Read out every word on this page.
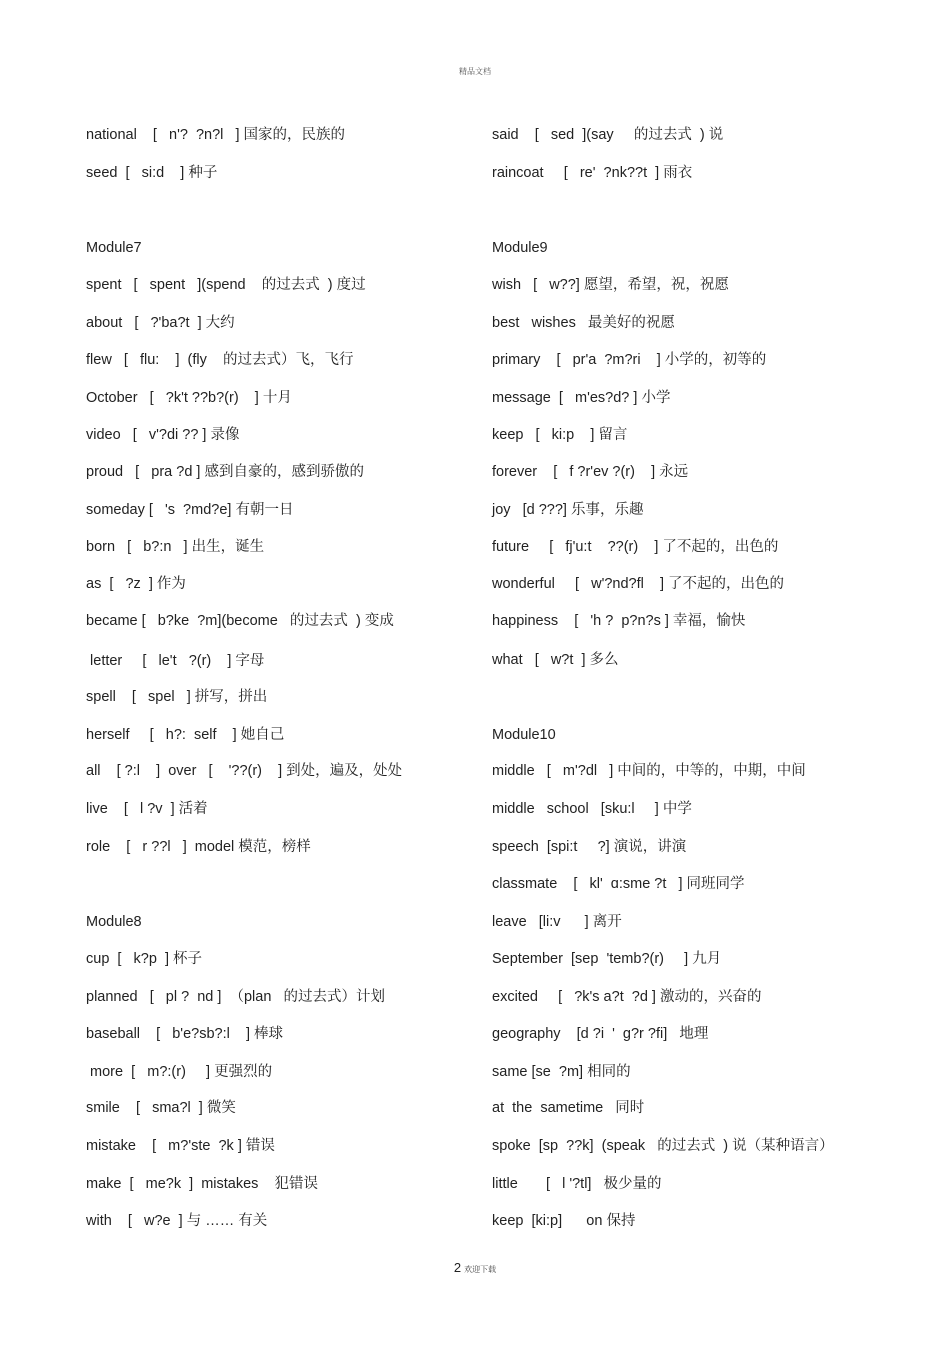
精品文档
national    [   n'?  ?n?l   ] 国家的，民族的
seed  [   si:d    ] 种子
Module7
spent   [   spent   ](spend    的过去式  ) 度过
about   [   ?'ba?t  ] 大约
flew   [   flu:    ]  (fly    的过去式）飞，飞行
October   [   ?k't ??b?(r)    ] 十月
video   [   v'?di ?? ] 录像
proud   [   pra ?d ] 感到自豪的，感到骄傲的
someday [   's  ?md?e] 有朝一日
born   [   b?:n   ] 出生，诞生
as  [   ?z  ] 作为
became [   b?ke  ?m](become   的过去式  ) 变成
letter     [   le't   ?(r)    ] 字母
spell    [   spel   ] 拼写，拼出
herself     [   h?:  self    ] 她自己
all    [ ?:l    ]  over   [    '??(r)    ] 到处，遍及，处处
live    [   l ?v  ] 活着
role    [   r ??l   ]  model 模范，榜样
Module8
cup  [   k?p  ] 杯子
planned   [   pl ?  nd ]  （plan   的过去式）计划
baseball    [   b'e?sb?:l    ] 棒球
more  [   m?:(r)     ] 更强烈的
smile    [   sma?l  ] 微笑
mistake    [   m?'ste  ?k ] 错误
make  [   me?k  ]  mistakes    犯错误
with    [   w?e  ] 与 …… 有关
said    [   sed  ](say     的过去式  ) 说
raincoat     [   re'  ?nk??t  ] 雨衣
Module9
wish   [   w??] 愿望，希望，祝，祝愿
best   wishes   最美好的祝愿
primary    [   pr'a  ?m?ri    ] 小学的，初等的
message  [   m'es?d? ] 小学
keep   [   ki:p    ] 留言
forever    [   f ?r'ev ?(r)    ] 永远
joy   [d ???] 乐事，乐趣
future     [   fj'u:t    ??(r)    ] 了不起的，出色的
wonderful     [   w'?nd?fl    ] 了不起的，出色的
happiness    [   'h ?  p?n?s ] 幸福，愉快
what   [   w?t  ] 多么
Module10
middle   [   m'?dl   ] 中间的，中等的，中期，中间
middle   school   [sku:l     ] 中学
speech  [spi:t     ?] 演说，讲演
classmate    [   kl'  ɑ:sme ?t   ] 同班同学
leave   [li:v      ] 离开
September  [sep  'temb?(r)     ] 九月
excited     [   ?k's a?t  ?d ] 激动的，兴奋的
geography    [d ?i  '  g?r ?fi]   地理
same [se  ?m] 相同的
at  the  sametime   同时
spoke  [sp  ??k]  (speak   的过去式  ) 说（某种语言）
little       [   l '?tl]   极少量的
keep  [ki:p]      on 保持
2 欢迎下载
